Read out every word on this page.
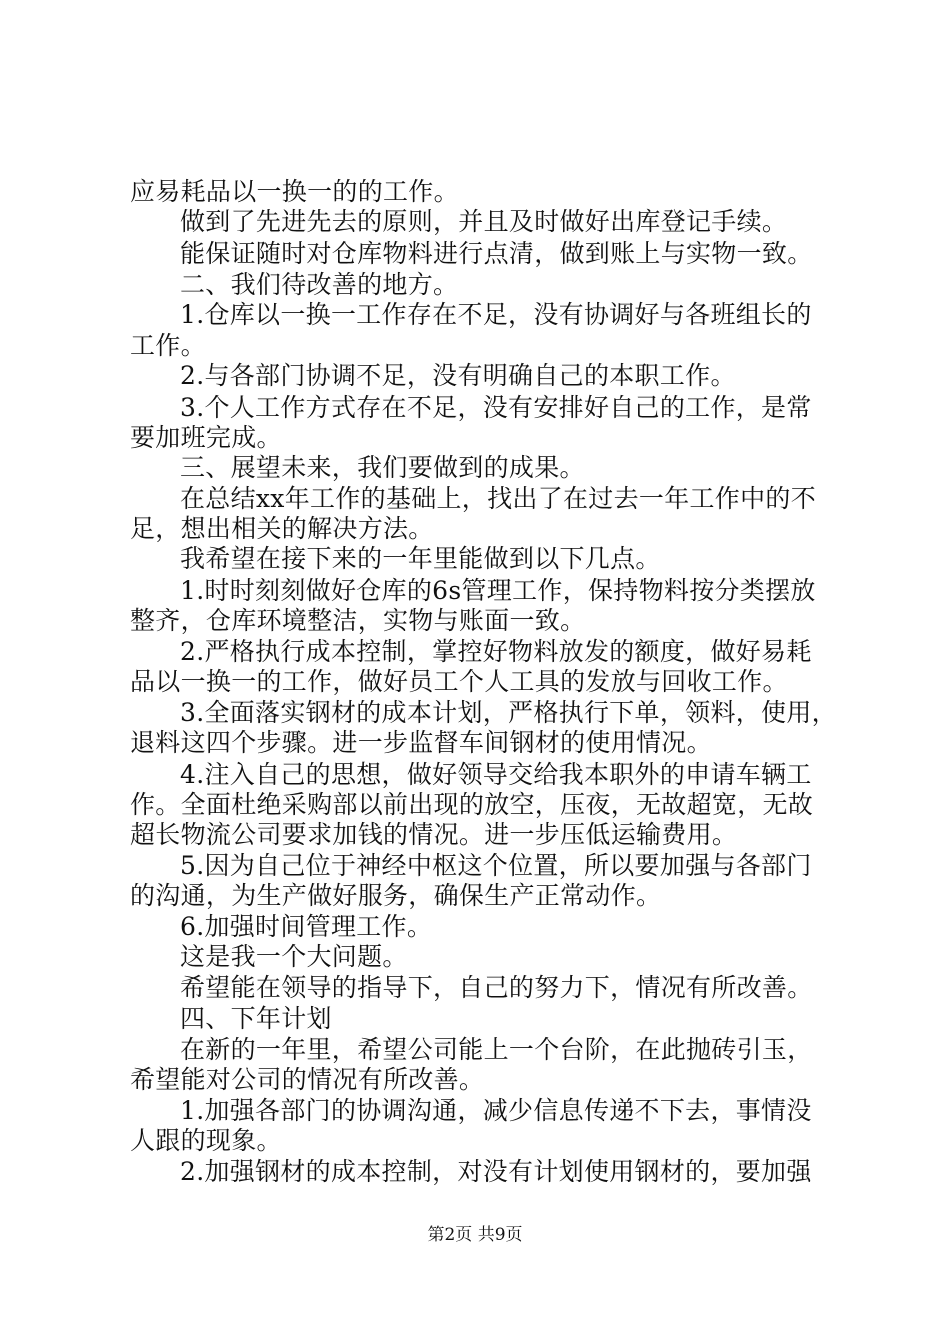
应易耗品以一换一的的工作。

做到了先进先去的原则，并且及时做好出库登记手续。

能保证随时对仓库物料进行点清，做到账上与实物一致。

二、我们待改善的地方。

1.仓库以一换一工作存在不足，没有协调好与各班组长的

工作。

2.与各部门协调不足，没有明确自己的本职工作。

3.个人工作方式存在不足，没有安排好自己的工作，是常

要加班完成。

三、展望未来，我们要做到的成果。

在总结xx年工作的基础上，找出了在过去一年工作中的不

足，想出相关的解决方法。

我希望在接下来的一年里能做到以下几点。

1.时时刻刻做好仓库的6s管理工作，保持物料按分类摆放

整齐，仓库环境整洁，实物与账面一致。

2.严格执行成本控制，掌控好物料放发的额度，做好易耗

品以一换一的工作，做好员工个人工具的发放与回收工作。

3.全面落实钢材的成本计划，严格执行下单，领料，使用，

退料这四个步骤。进一步监督车间钢材的使用情况。

4.注入自己的思想，做好领导交给我本职外的申请车辆工

作。全面杜绝采购部以前出现的放空，压夜，无故超宽，无故

超长物流公司要求加钱的情况。进一步压低运输费用。

5.因为自己位于神经中枢这个位置，所以要加强与各部门

的沟通，为生产做好服务，确保生产正常动作。

6.加强时间管理工作。

这是我一个大问题。

希望能在领导的指导下，自己的努力下，情况有所改善。

四、下年计划

在新的一年里，希望公司能上一个台阶，在此抛砖引玉，

希望能对公司的情况有所改善。

1.加强各部门的协调沟通，减少信息传递不下去，事情没

人跟的现象。

2.加强钢材的成本控制，对没有计划使用钢材的，要加强

第2页 共9页
